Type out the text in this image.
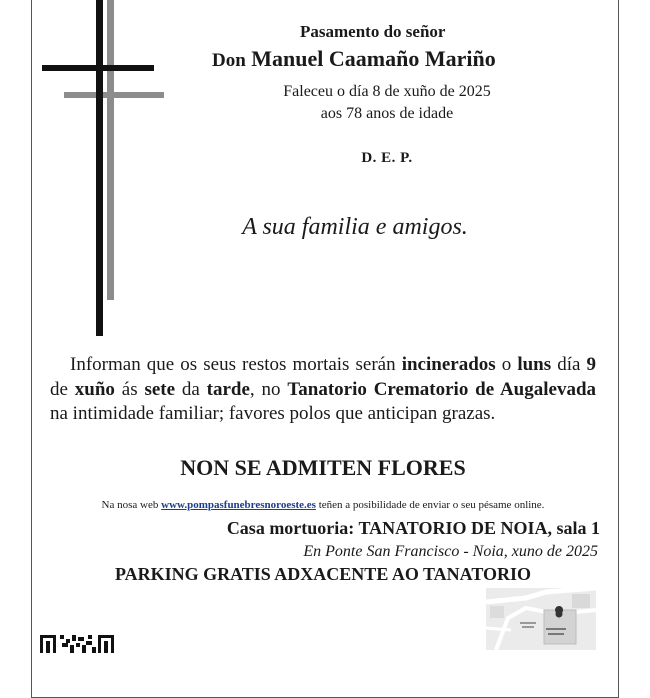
Pasamento do señor
Don Manuel Caamaño Mariño
Faleceu o día 8 de xuño de 2025
aos 78 anos de idade
D. E. P.
A sua familia e amigos.
Informan que os seus restos mortais serán incinerados o luns día 9 de xuño ás sete da tarde, no Tanatorio Crematorio de Augalevada na intimidade familiar; favores polos que anticipan grazas.
NON SE ADMITEN FLORES
Na nosa web www.pompasfunebresnoroeste.es teñen a posibilidade de enviar o seu pésame online.
Casa mortuoria: TANATORIO DE NOIA, sala 1
En Ponte San Francisco - Noia, xuno de 2025
PARKING GRATIS ADXACENTE AO TANATORIO
